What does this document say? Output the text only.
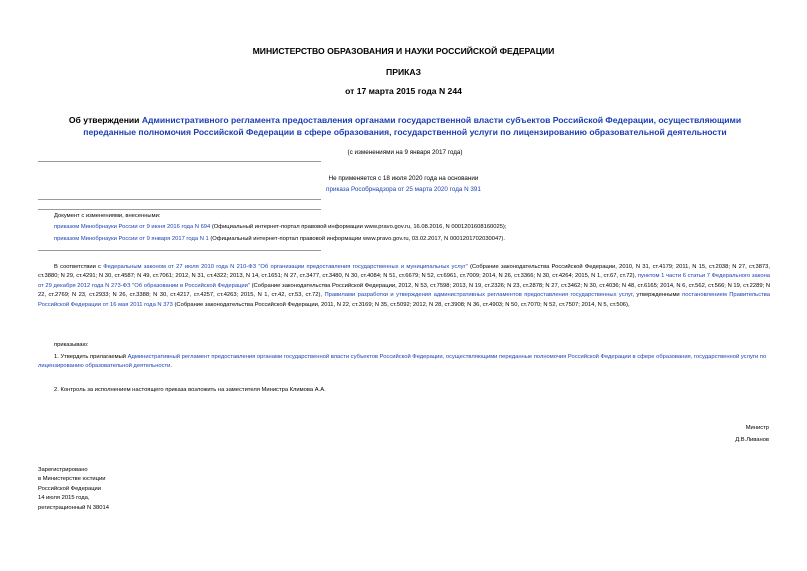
МИНИСТЕРСТВО ОБРАЗОВАНИЯ И НАУКИ РОССИЙСКОЙ ФЕДЕРАЦИИ
ПРИКАЗ
от 17 марта 2015 года N 244
Об утверждении Административного регламента предоставления органами государственной власти субъектов Российской Федерации, осуществляющими переданные полномочия Российской Федерации в сфере образования, государственной услуги по лицензированию образовательной деятельности
(с изменениями на 9 января 2017 года)
Не применяется с 18 июля 2020 года на основании
приказа Рособрнадзора от 25 марта 2020 года N 391
Документ с изменениями, внесенными:
приказом Минобрнауки России от 9 июня 2016 года N 694 (Официальный интернет-портал правовой информации www.pravo.gov.ru, 16.08.2016, N 0001201608160025);
приказом Минобрнауки России от 9 января 2017 года N 1 (Официальный интернет-портал правовой информации www.pravo.gov.ru, 03.02.2017, N 0001201702030047).
В соответствии с Федеральным законом от 27 июля 2010 года N 210-ФЗ "Об организации предоставления государственных и муниципальных услуг" (Собрание законодательства Российской Федерации, 2010, N 31, ст.4179; 2011, N 15, ст.2038; N 27, ст.3873, ст.3880; N 29, ст.4291; N 30, ст.4587; N 49, ст.7061; 2012, N 31, ст.4322; 2013, N 14, ст.1651; N 27, ст.3477, ст.3480, N 30, ст.4084; N 51, ст.6679; N 52, ст.6961, ст.7009; 2014, N 26, ст.3366; N 30, ст.4264; 2015, N 1, ст.67, ст.72), пунктом 1 части 6 статьи 7 Федерального закона от 29 декабря 2012 года N 273-ФЗ "Об образовании в Российской Федерации" (Собрание законодательства Российской Федерации, 2012, N 53, ст.7598; 2013, N 19, ст.2326; N 23, ст.2878; N 27, ст.3462; N 30, ст.4036; N 48, ст.6165; 2014, N 6, ст.562, ст.566; N 19, ст.2289; N 22, ст.2769; N 23, ст.2933; N 26, ст.3388; N 30, ст.4217, ст.4257, ст.4263; 2015, N 1, ст.42, ст.53, ст.72), Правилами разработки и утверждения административных регламентов предоставления государственных услуг, утвержденными постановлением Правительства Российской Федерации от 16 мая 2011 года N 373 (Собрание законодательства Российской Федерации, 2011, N 22, ст.3169; N 35, ст.5092; 2012, N 28, ст.3908; N 36, ст.4903; N 50, ст.7070; N 52, ст.7507; 2014, N 5, ст.506),
приказываю:
1. Утвердить прилагаемый Административный регламент предоставления органами государственной власти субъектов Российской Федерации, осуществляющими переданные полномочия Российской Федерации в сфере образования, государственной услуги по лицензированию образовательной деятельности.
2. Контроль за исполнением настоящего приказа возложить на заместителя Министра Климова А.А.
Министр
Д.В.Ливанов
Зарегистрировано
в Министерстве юстиции
Российской Федерации
14 июля 2015 года,
регистрационный N 38014
